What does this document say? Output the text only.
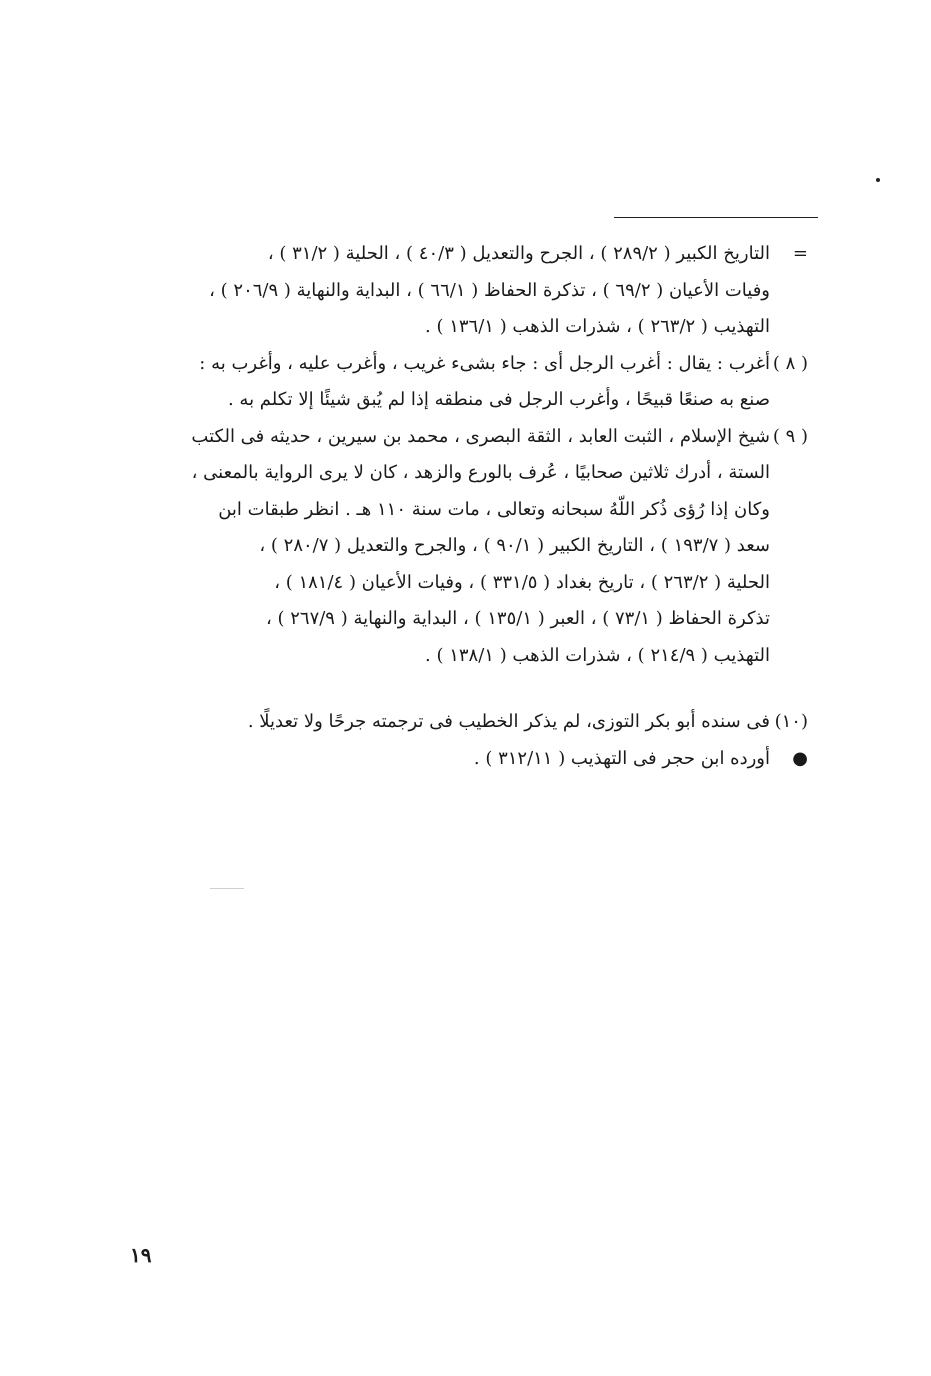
=
التاريخ الكبير ( ٢٨٩/٢ ) ، الجرح والتعديل ( ٤٠/٣ ) ، الحلية ( ٣١/٢ ) ،
وفيات الأعيان ( ٦٩/٢ ) ، تذكرة الحفاظ ( ٦٦/١ ) ، البداية والنهاية ( ٢٠٦/٩ ) ،
التهذيب ( ٢٦٣/٢ ) ، شذرات الذهب ( ١٣٦/١ ) .
( ٨ )
أغرب : يقال : أغرب الرجل أى : جاء بشىء غريب ، وأغرب عليه ، وأغرب به :
صنع به صنعًا قبيحًا ، وأغرب الرجل فى منطقه إذا لم يُبق شيئًا إلا تكلم به .
( ٩ )
شيخ الإسلام ، الثبت العابد ، الثقة البصرى ، محمد بن سيرين ، حديثه فى الكتب
الستة ، أدرك ثلاثين صحابيًا ، عُرف بالورع والزهد ، كان لا يرى الرواية بالمعنى ،
وكان إذا رُؤى ذُكر اللّهُ سبحانه وتعالى ، مات سنة ١١٠ هـ . انظر طبقات ابن
سعد ( ١٩٣/٧ ) ، التاريخ الكبير ( ٩٠/١ ) ، والجرح والتعديل ( ٢٨٠/٧ ) ،
الحلية ( ٢٦٣/٢ ) ، تاريخ بغداد ( ٣٣١/٥ ) ، وفيات الأعيان ( ١٨١/٤ ) ،
تذكرة الحفاظ ( ٧٣/١ ) ، العبر ( ١٣٥/١ ) ، البداية والنهاية ( ٢٦٧/٩ ) ،
التهذيب ( ٢١٤/٩ ) ، شذرات الذهب ( ١٣٨/١ ) .
(١٠)
فى سنده أبو بكر التوزى، لم يذكر الخطيب فى ترجمته جرحًا ولا تعديلًا .
●
أورده ابن حجر فى التهذيب ( ٣١٢/١١ ) .
١٩
